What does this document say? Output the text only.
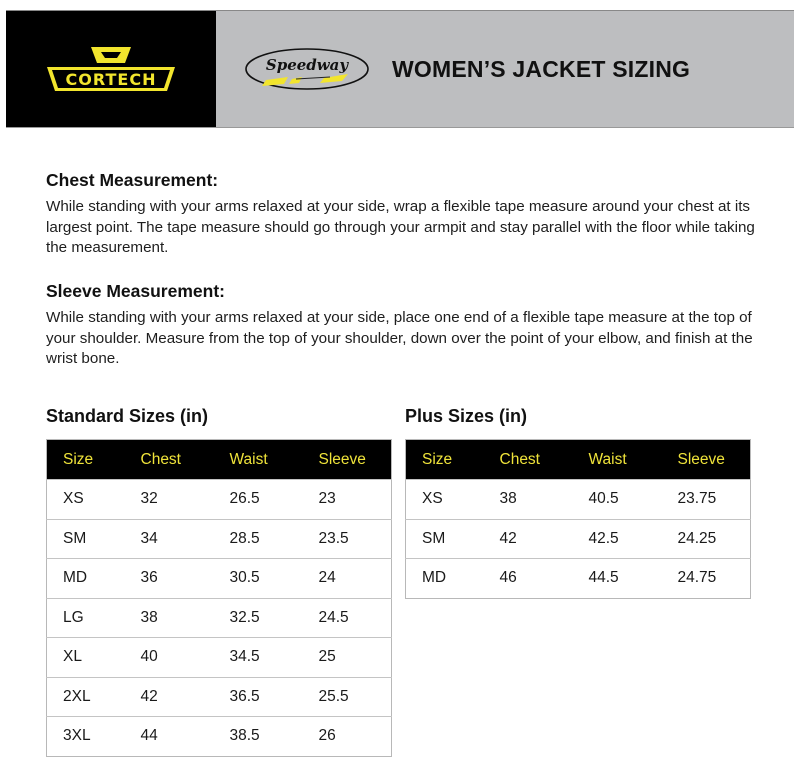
CORTECH
Speedway WOMEN’S JACKET SIZING
Chest Measurement:

While standing with your arms relaxed at your side, wrap a flexible tape measure around your chest at its largest point. The tape measure should go through your armpit and stay parallel with the floor while taking the measurement.

Sleeve Measurement:

While standing with your arms relaxed at your side, place one end of a flexible tape measure at the top of your shoulder. Measure from the top of your shoulder, down over the point of your elbow, and finish at the wrist bone.

Standard Sizes (in)
Size	Chest	Waist	Sleeve
XS	32	26.5	23
SM	34	28.5	23.5
MD	36	30.5	24
LG	38	32.5	24.5
XL	40	34.5	25
2XL	42	36.5	25.5
3XL	44	38.5	26
Plus Sizes (in)
Size	Chest	Waist	Sleeve
XS	38	40.5	23.75
SM	42	42.5	24.25
MD	46	44.5	24.75
